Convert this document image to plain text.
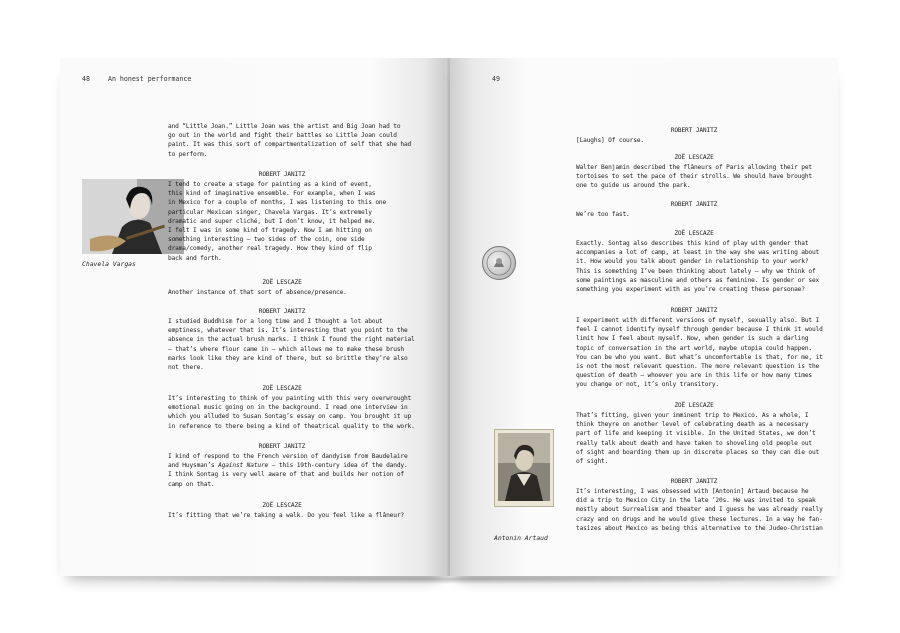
48	An honest performance
Chavela Vargas
and “Little Joan.” Little Joan was the artist and Big Joan had to
go out in the world and fight their battles so Little Joan could
paint. It was this sort of compartmentalization of self that she had
to perform.
ROBERT JANITZ
I tend to create a stage for painting as a kind of event,
this kind of imaginative ensemble. For example, when I was
in Mexico for a couple of months, I was listening to this one
particular Mexican singer, Chavela Vargas. It’s extremely
dramatic and super cliché, but I don’t know, it helped me.
I felt I was in some kind of tragedy. Now I am hitting on
something interesting – two sides of the coin, one side
drama/comedy, another real tragedy. How they kind of flip
back and forth.
ZOË LESCAZE
Another instance of that sort of absence/presence.
ROBERT JANITZ
I studied Buddhism for a long time and I thought a lot about
emptiness, whatever that is. It’s interesting that you point to the
absence in the actual brush marks. I think I found the right material
– that’s where flour came in – which allows me to make these brush
marks look like they are kind of there, but so brittle they’re also
not there.
ZOË LESCAZE
It’s interesting to think of you painting with this very overwrought
emotional music going on in the background. I read one interview in
which you alluded to Susan Sontag’s essay on camp. You brought it up
in reference to there being a kind of theatrical quality to the work.
ROBERT JANITZ
I kind of respond to the French version of dandyism from Baudelaire
and Huysman’s Against Nature – this 19th-century idea of the dandy.
I think Sontag is very well aware of that and builds her notion of
camp on that.
ZOË LESCAZE
It’s fitting that we’re taking a walk. Do you feel like a flâneur?
49
Antonin Artaud
ROBERT JANITZ
[Laughs] Of course.
ZOË LESCAZE
Walter Benjamin described the flâneurs of Paris allowing their pet
tortoises to set the pace of their strolls. We should have brought
one to guide us around the park.
ROBERT JANITZ
We’re too fast.
ZOË LESCAZE
Exactly. Sontag also describes this kind of play with gender that
accompanies a lot of camp, at least in the way she was writing about
it. How would you talk about gender in relationship to your work?
This is something I’ve been thinking about lately – why we think of
some paintings as masculine and others as feminine. Is gender or sex
something you experiment with as you’re creating these personae?
ROBERT JANITZ
I experiment with different versions of myself, sexually also. But I
feel I cannot identify myself through gender because I think it would
limit how I feel about myself. Now, when gender is such a darling
topic of conversation in the art world, maybe utopia could happen.
You can be who you want. But what’s uncomfortable is that, for me, it
is not the most relevant question. The more relevant question is the
question of death – whoever you are in this life or how many times
you change or not, it’s only transitory.
ZOË LESCAZE
That’s fitting, given your imminent trip to Mexico. As a whole, I
think theyre on another level of celebrating death as a necessary
part of life and keeping it visible. In the United States, we don’t
really talk about death and have taken to shoveling old people out
of sight and boarding them up in discrete places so they can die out
of sight.
ROBERT JANITZ
It’s interesting, I was obsessed with [Antonin] Artaud because he
did a trip to Mexico City in the late ’20s. He was invited to speak
mostly about Surrealism and theater and I guess he was already really
crazy and on drugs and he would give these lectures. In a way he fan-
tasizes about Mexico as being this alternative to the Judeo-Christian
